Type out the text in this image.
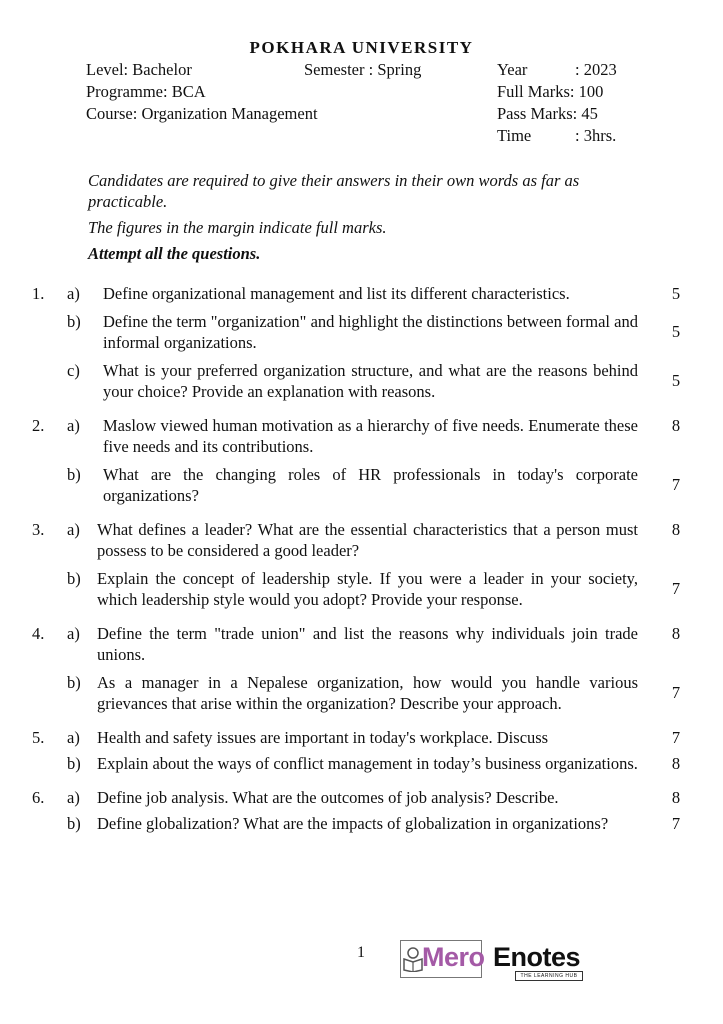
POKHARA UNIVERSITY
Level: Bachelor
Programme: BCA
Course: Organization Management
Semester : Spring	Year	: 2023
Full Marks: 100
Pass Marks: 45
Time	: 3hrs.

Candidates are required to give their answers in their own words as far as practicable.

The figures in the margin indicate full marks.

Attempt all the questions.

1.	a)	Define organizational management and list its different characteristics.	5
b)	Define the term "organization" and highlight the distinctions between formal and informal organizations.
5
c)	What is your preferred organization structure, and what are the reasons behind your choice? Provide an explanation with reasons.
5
2.	a)	Maslow viewed human motivation as a hierarchy of five needs. Enumerate these five needs and its contributions.
8
b)	What are the changing roles of HR professionals in today's corporate organizations?
7
3.	a)	What defines a leader? What are the essential characteristics that a person must possess to be considered a good leader?
8
b) Explain the concept of leadership style. If you were a leader in your society, which leadership style would you adopt? Provide your response.
7
4.	a)	Define the term "trade union" and list the reasons why individuals join trade unions.
8
b) As a manager in a Nepalese organization, how would you handle various grievances that arise within the organization? Describe your approach.
7
5.	a)	Health and safety issues are important in today's workplace. Discuss	7
b) Explain about the ways of conflict management in today’s business organizations. 8
6.	a)	Define job analysis. What are the outcomes of job analysis? Describe.	8
b) Define globalization? What are the impacts of globalization in organizations?	7
1 Mero Enotes
THE LEARNING HUB
